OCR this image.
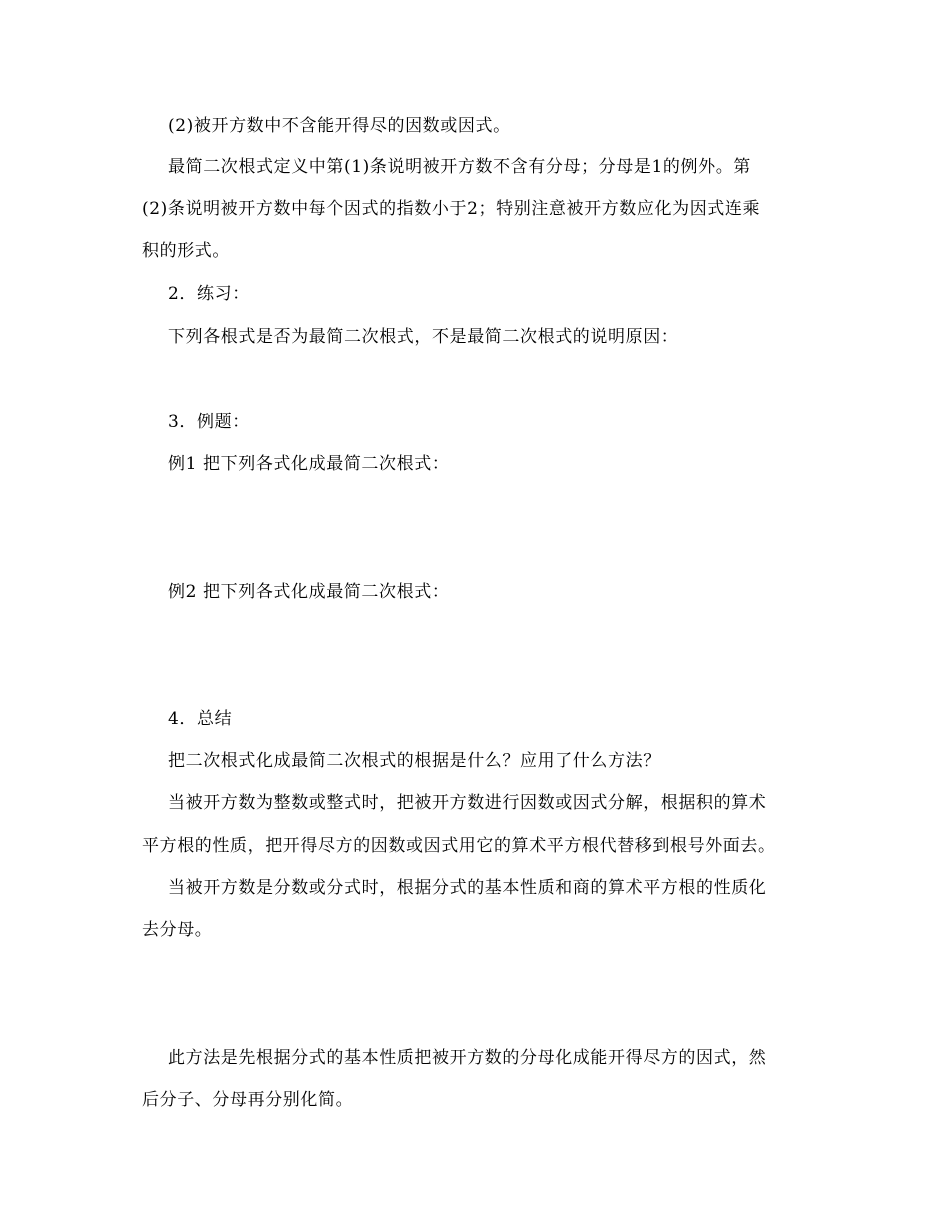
(2)被开方数中不含能开得尽的因数或因式。

最简二次根式定义中第(1)条说明被开方数不含有分母；分母是1的例外。第

(2)条说明被开方数中每个因式的指数小于2；特别注意被开方数应化为因式连乘

积的形式。

2．练习：

下列各根式是否为最简二次根式，不是最简二次根式的说明原因：

3．例题：

例1 把下列各式化成最简二次根式：

例2 把下列各式化成最简二次根式：

4．总结

把二次根式化成最简二次根式的根据是什么？应用了什么方法？

当被开方数为整数或整式时，把被开方数进行因数或因式分解，根据积的算术

平方根的性质，把开得尽方的因数或因式用它的算术平方根代替移到根号外面去。

当被开方数是分数或分式时，根据分式的基本性质和商的算术平方根的性质化

去分母。

此方法是先根据分式的基本性质把被开方数的分母化成能开得尽方的因式，然

后分子、分母再分别化简。
